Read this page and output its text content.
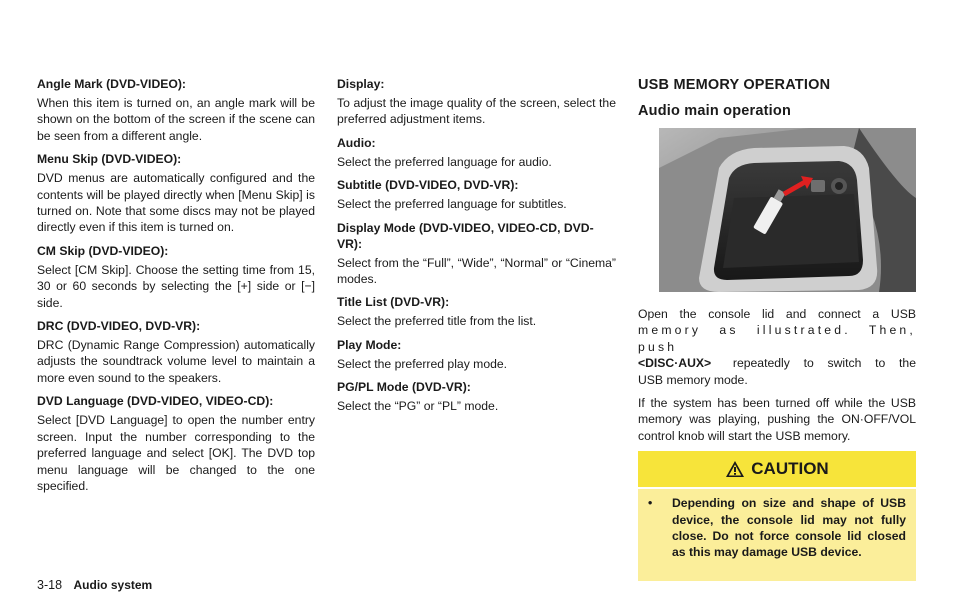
Angle Mark (DVD-VIDEO):
When this item is turned on, an angle mark will be shown on the bottom of the screen if the scene can be seen from a different angle.
Menu Skip (DVD-VIDEO):
DVD menus are automatically configured and the contents will be played directly when [Menu Skip] is turned on. Note that some discs may not be played directly even if this item is turned on.
CM Skip (DVD-VIDEO):
Select [CM Skip]. Choose the setting time from 15, 30 or 60 seconds by selecting the [+] side or [−] side.
DRC (DVD-VIDEO, DVD-VR):
DRC (Dynamic Range Compression) automatically adjusts the soundtrack volume level to maintain a more even sound to the speakers.
DVD Language (DVD-VIDEO, VIDEO-CD):
Select [DVD Language] to open the number entry screen. Input the number corresponding to the preferred language and select [OK]. The DVD top menu language will be changed to the one specified.
Display:
To adjust the image quality of the screen, select the preferred adjustment items.
Audio:
Select the preferred language for audio.
Subtitle (DVD-VIDEO, DVD-VR):
Select the preferred language for subtitles.
Display Mode (DVD-VIDEO, VIDEO-CD, DVD-VR):
Select from the “Full”, “Wide”, “Normal” or “Cinema” modes.
Title List (DVD-VR):
Select the preferred title from the list.
Play Mode:
Select the preferred play mode.
PG/PL Mode (DVD-VR):
Select the “PG” or “PL” mode.
USB MEMORY OPERATION
Audio main operation
Open the console lid and connect a USB
memory as illustrated. Then, push
<DISC·AUX> repeatedly to switch to the
USB memory mode.
If the system has been turned off while the USB memory was playing, pushing the ON·OFF/VOL control knob will start the USB memory.
CAUTION
•	Depending on size and shape of USB device, the console lid may not fully close. Do not force console lid closed as this may damage USB device.
3-18 Audio system
